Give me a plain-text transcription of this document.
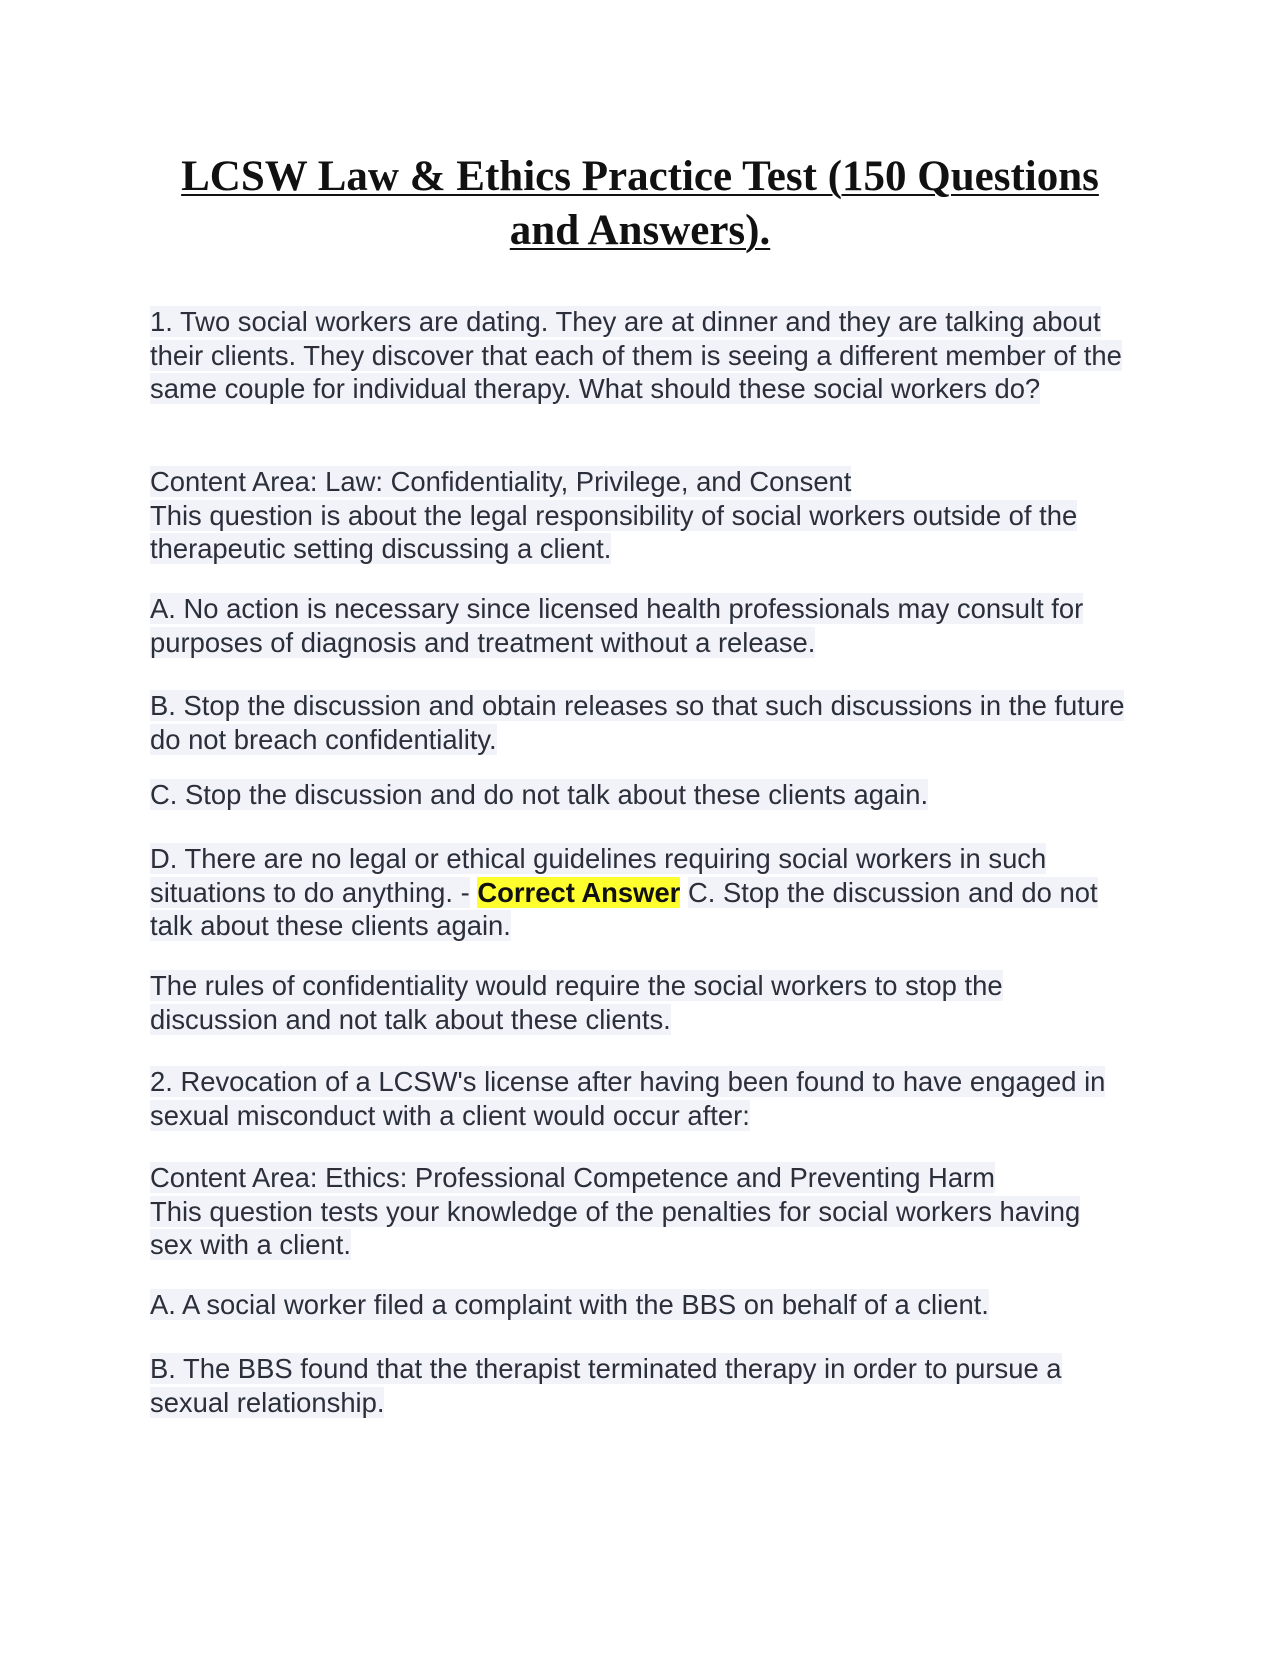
LCSW Law & Ethics Practice Test (150 Questions and Answers).

1. Two social workers are dating. They are at dinner and they are talking about their clients. They discover that each of them is seeing a different member of the same couple for individual therapy. What should these social workers do?

Content Area: Law: Confidentiality, Privilege, and Consent
This question is about the legal responsibility of social workers outside of the therapeutic setting discussing a client.

A. No action is necessary since licensed health professionals may consult for purposes of diagnosis and treatment without a release.

B. Stop the discussion and obtain releases so that such discussions in the future do not breach confidentiality.

C. Stop the discussion and do not talk about these clients again.

D. There are no legal or ethical guidelines requiring social workers in such situations to do anything. - Correct Answer C. Stop the discussion and do not talk about these clients again.

The rules of confidentiality would require the social workers to stop the discussion and not talk about these clients.

2. Revocation of a LCSW's license after having been found to have engaged in sexual misconduct with a client would occur after:

Content Area: Ethics: Professional Competence and Preventing Harm
This question tests your knowledge of the penalties for social workers having sex with a client.

A. A social worker filed a complaint with the BBS on behalf of a client.

B. The BBS found that the therapist terminated therapy in order to pursue a sexual relationship.
